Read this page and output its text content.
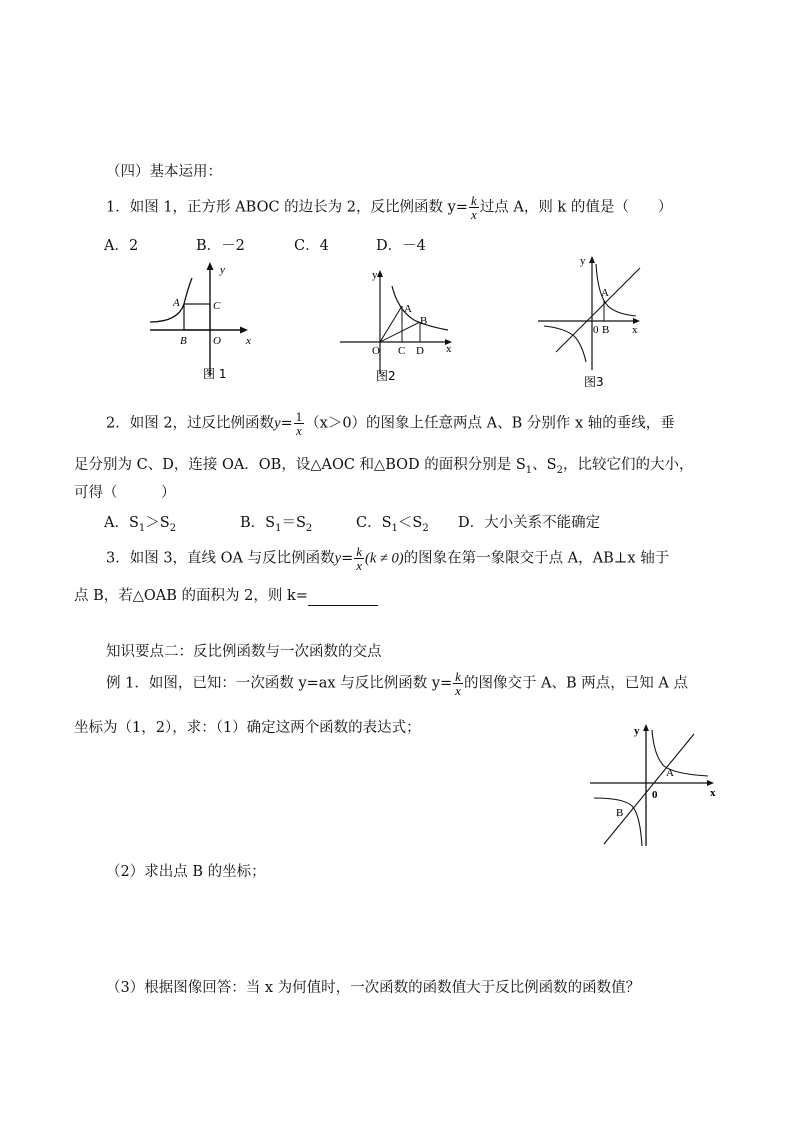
（四）基本运用：
1．如图 1，正方形 ABOC 的边长为 2，反比例函数 $y= \frac{k}{x}$ 过点 A，则 k 的值是（　　）
A．2	B．－2	C．4	D．－4
y
A	C
B O x
图 1
y
A
B
O C D x
图2
y
A
0 B x
图3
2．如图 2，过反比例函数$y= \frac{1}{x} (x>0)$的图象上任意两点 A、B 分别作 x 轴的垂线，垂
足分别为 C、D，连接 OA．OB，设△AOC 和△BOD 的面积分别是 $S_1$、$S_2$，比较它们的大小，
可得（　　　）
A．$S_1>S_2$	B．$S_1=S_2$	C．$S_1<S_2$ D．大小关系不能确定
3．如图 3，直线 OA 与反比例函数$y= \frac{k}{x} (k \ne 0)$的图象在第一象限交于点 A，AB⊥x 轴于
点 B，若△OAB 的面积为 2，则 k=
知识要点二：反比例函数与一次函数的交点
例 1．如图，已知：一次函数 y=ax 与反比例函数 $y= \frac{k}{x}$ 的图像交于 A、B 两点，已知 A 点
坐标为（1，2），求：（1）确定这两个函数的表达式；	y
A
0
B
x
（2）求出点 B 的坐标；
（3）根据图像回答：当 x 为何值时，一次函数的函数值大于反比例函数的函数值？
